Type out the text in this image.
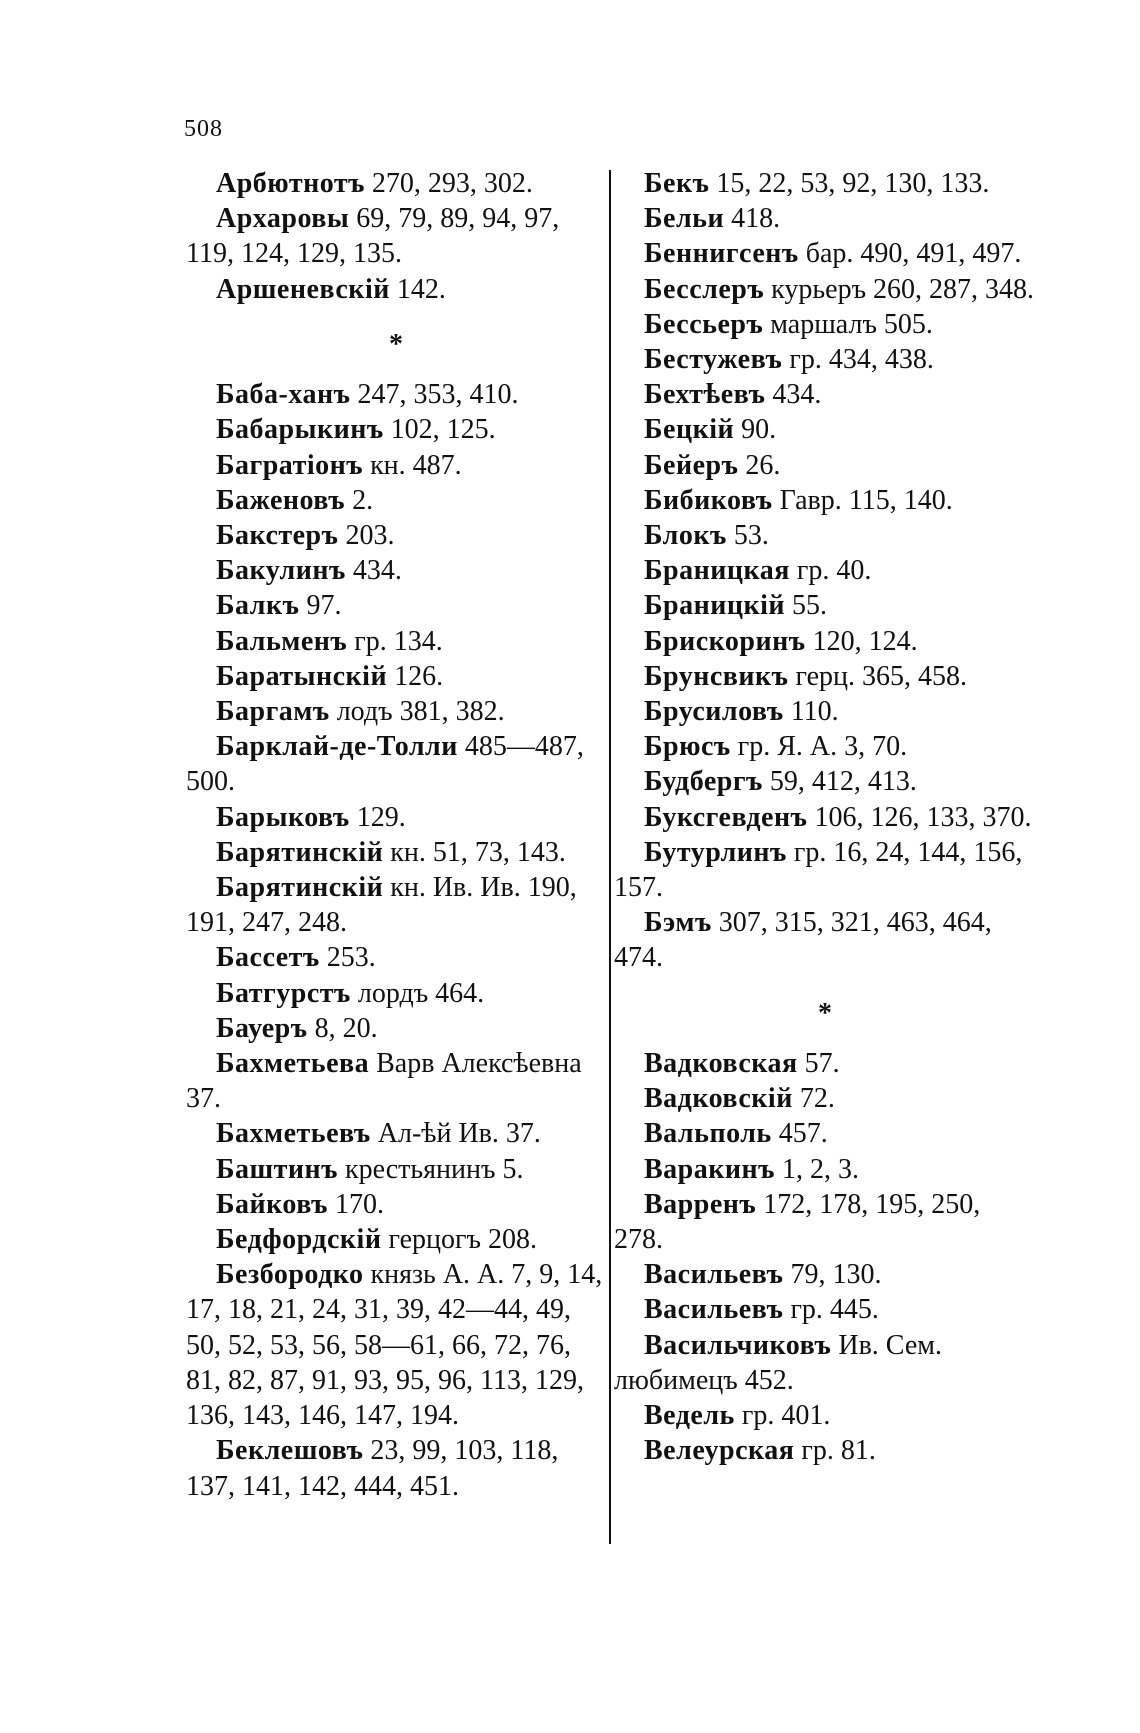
508
Арбютнотъ 270, 293, 302.
Архаровы 69, 79, 89, 94, 97, 119, 124, 129, 135.
Аршеневскій 142.
*
Баба-ханъ 247, 353, 410.
Бабарыкинъ 102, 125.
Багратіонъ кн. 487.
Баженовъ 2.
Бакстеръ 203.
Бакулинъ 434.
Балкъ 97.
Бальменъ гр. 134.
Баратынскій 126.
Баргамъ лодъ 381, 382.
Барклай-де-Толли 485—487, 500.
Барыковъ 129.
Барятинскій кн. 51, 73, 143.
Барятинскій кн. Ив. Ив. 190, 191, 247, 248.
Бассетъ 253.
Батгурстъ лордъ 464.
Бауеръ 8, 20.
Бахметьева Варв Алексѣевна 37.
Бахметьевъ Ал-ѣй Ив. 37.
Баштинъ крестьянинъ 5.
Байковъ 170.
Бедфордскій герцогъ 208.
Безбородко князь А. А. 7, 9, 14, 17, 18, 21, 24, 31, 39, 42—44, 49, 50, 52, 53, 56, 58—61, 66, 72, 76, 81, 82, 87, 91, 93, 95, 96, 113, 129, 136, 143, 146, 147, 194.
Беклешовъ 23, 99, 103, 118, 137, 141, 142, 444, 451.
Бекъ 15, 22, 53, 92, 130, 133.
Бельи 418.
Беннигсенъ бар. 490, 491, 497.
Бесслеръ курьеръ 260, 287, 348.
Бессьеръ маршалъ 505.
Бестужевъ гр. 434, 438.
Бехтѣевъ 434.
Бецкій 90.
Бейеръ 26.
Бибиковъ Гавр. 115, 140.
Блокъ 53.
Браницкая гр. 40.
Браницкій 55.
Брискоринъ 120, 124.
Брунсвикъ герц. 365, 458.
Брусиловъ 110.
Брюсъ гр. Я. А. 3, 70.
Будбергъ 59, 412, 413.
Буксгевденъ 106, 126, 133, 370.
Бутурлинъ гр. 16, 24, 144, 156, 157.
Бэмъ 307, 315, 321, 463, 464, 474.
*
Вадковская 57.
Вадковскій 72.
Вальполь 457.
Варакинъ 1, 2, 3.
Варренъ 172, 178, 195, 250, 278.
Васильевъ 79, 130.
Васильевъ гр. 445.
Васильчиковъ Ив. Сем. любимецъ 452.
Ведель гр. 401.
Велеурская гр. 81.
